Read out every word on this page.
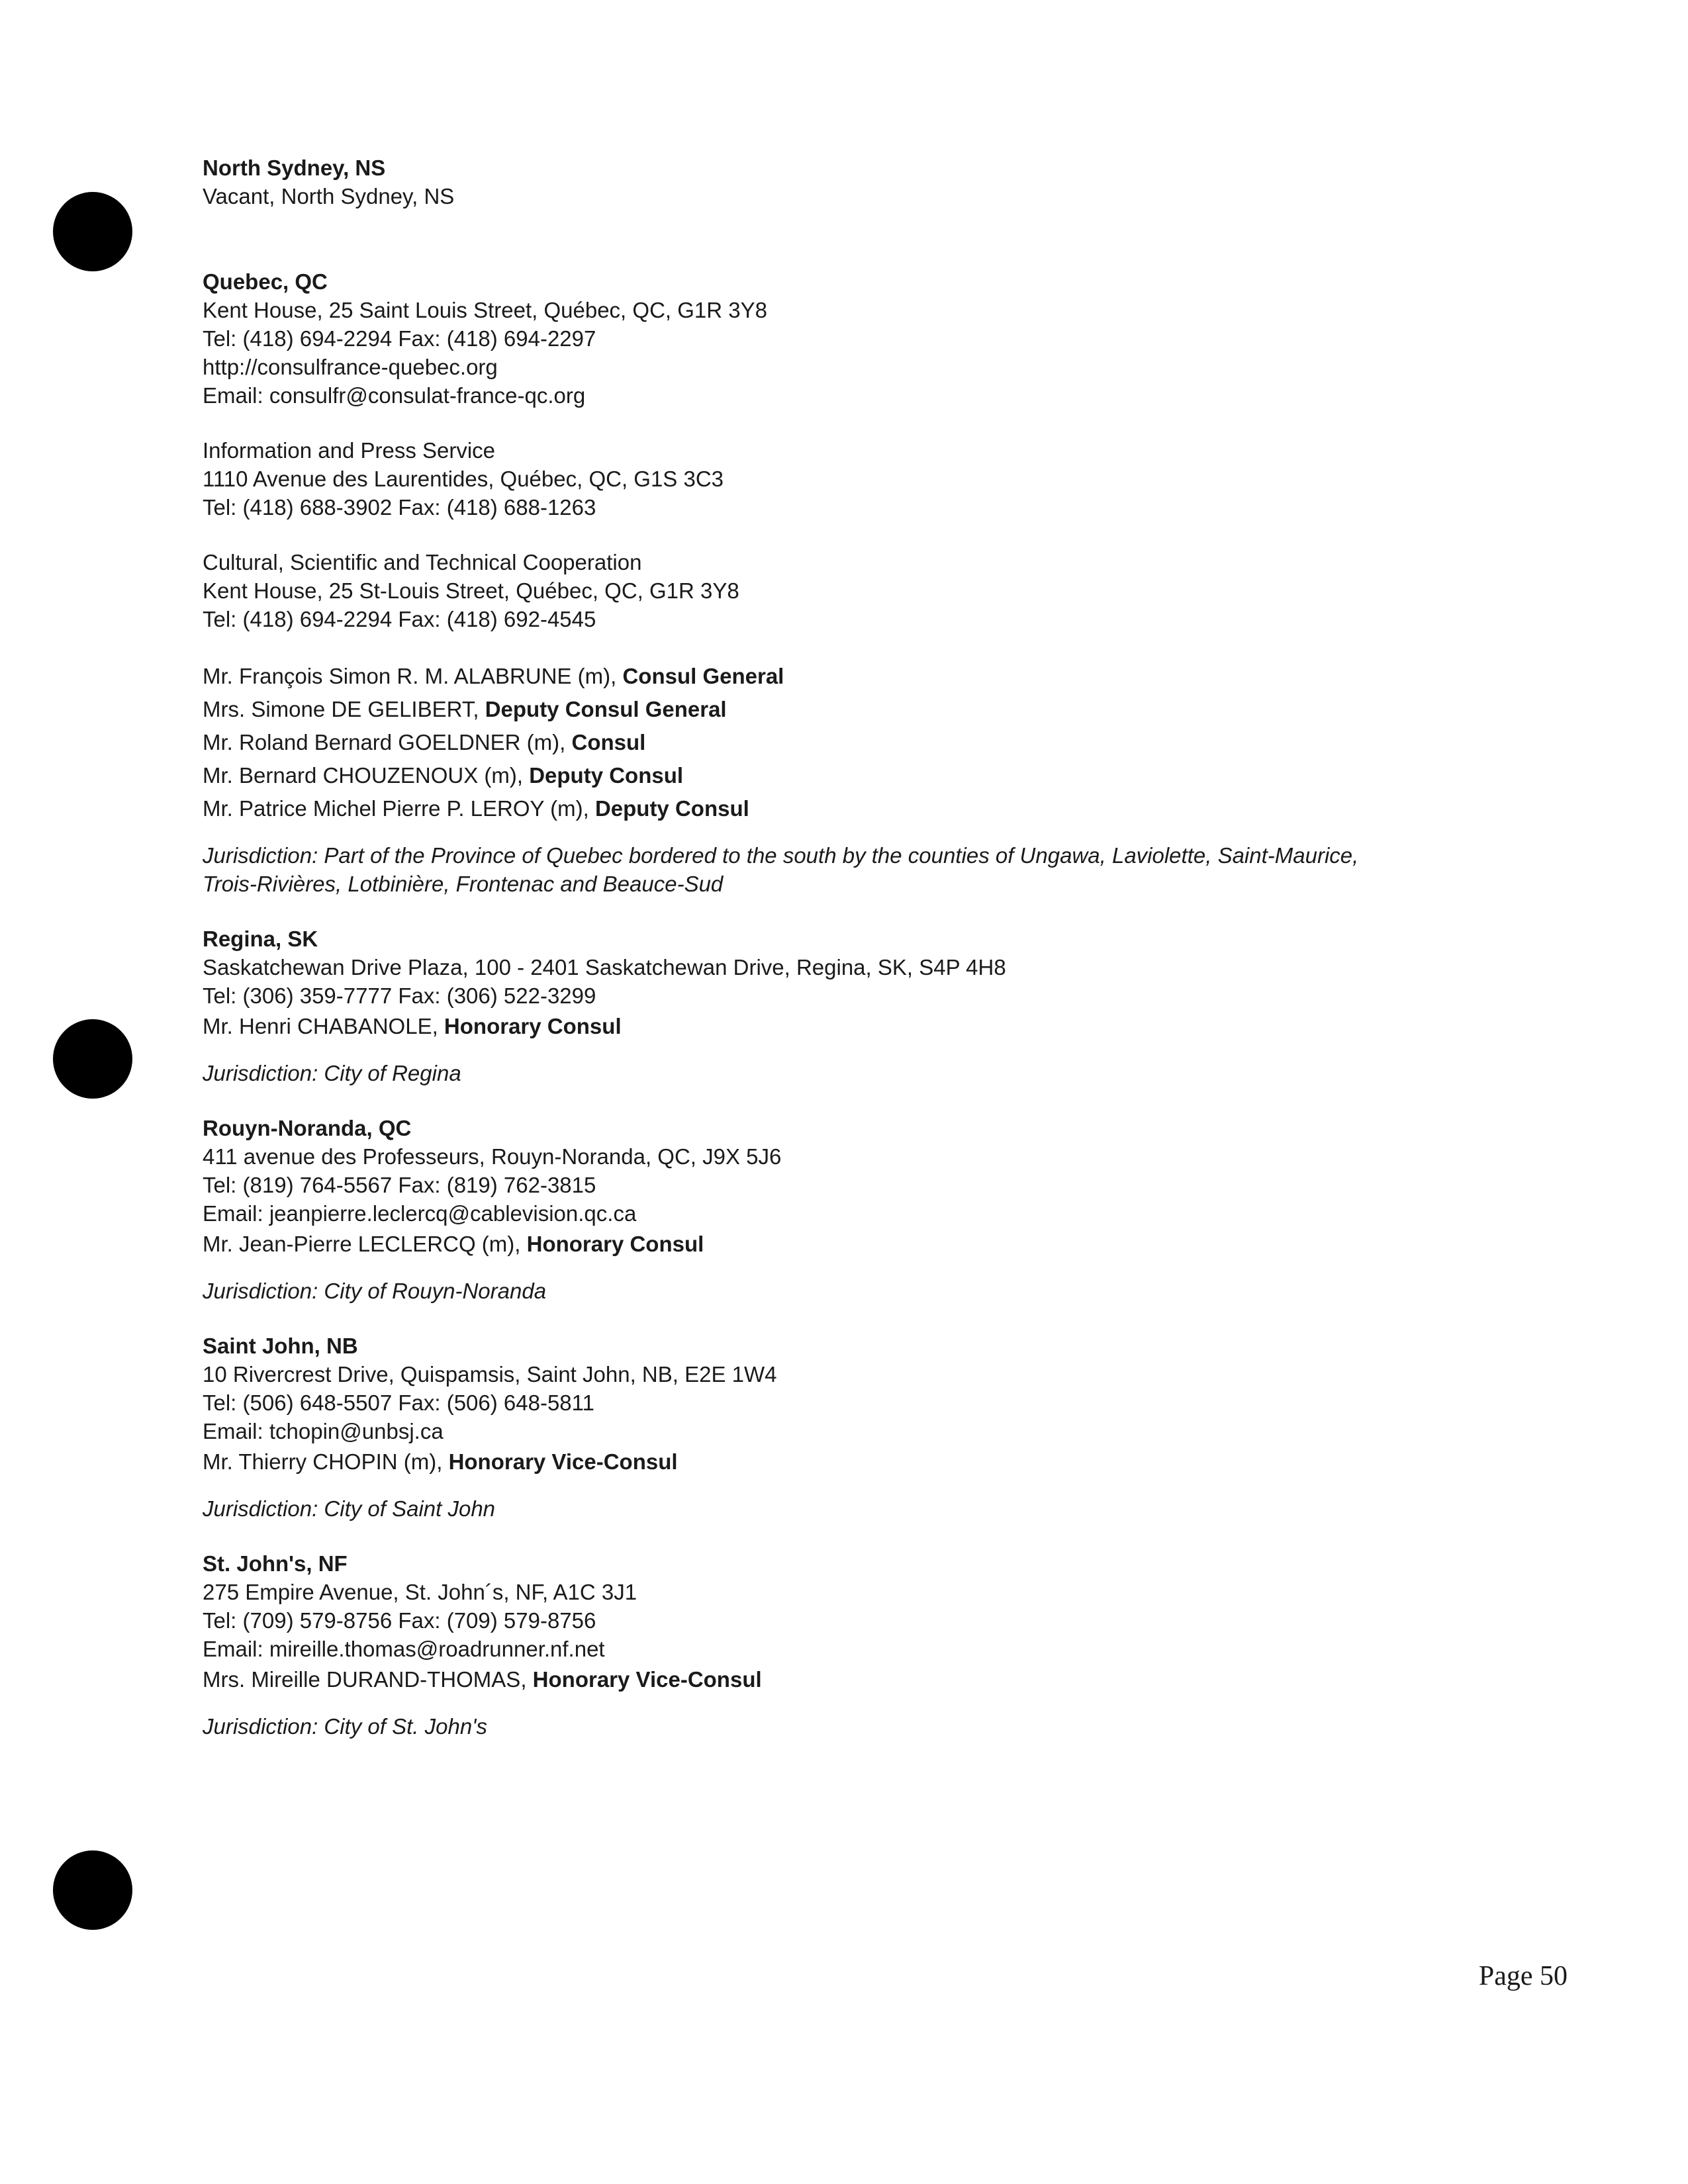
North Sydney, NS

Vacant, North Sydney, NS

Quebec, QC

Kent House, 25 Saint Louis Street, Québec, QC, G1R 3Y8

Tel: (418) 694-2294 Fax: (418) 694-2297

http://consulfrance-quebec.org

Email: consulfr@consulat-france-qc.org

Information and Press Service

1110 Avenue des Laurentides, Québec, QC, G1S 3C3

Tel: (418) 688-3902 Fax: (418) 688-1263

Cultural, Scientific and Technical Cooperation

Kent House, 25 St-Louis Street, Québec, QC, G1R 3Y8

Tel: (418) 694-2294 Fax: (418) 692-4545

Mr. François Simon R. M. ALABRUNE (m), Consul General

Mrs. Simone DE GELIBERT, Deputy Consul General

Mr. Roland Bernard GOELDNER (m), Consul

Mr. Bernard CHOUZENOUX (m), Deputy Consul

Mr. Patrice Michel Pierre P. LEROY (m), Deputy Consul

Jurisdiction: Part of the Province of Quebec bordered to the south by the counties of Ungawa, Laviolette, Saint-Maurice,

Trois-Rivières, Lotbinière, Frontenac and Beauce-Sud

Regina, SK

Saskatchewan Drive Plaza, 100 - 2401 Saskatchewan Drive, Regina, SK, S4P 4H8

Tel: (306) 359-7777 Fax: (306) 522-3299

Mr. Henri CHABANOLE, Honorary Consul

Jurisdiction: City of Regina

Rouyn-Noranda, QC

411 avenue des Professeurs, Rouyn-Noranda, QC, J9X 5J6

Tel: (819) 764-5567 Fax: (819) 762-3815

Email: jeanpierre.leclercq@cablevision.qc.ca

Mr. Jean-Pierre LECLERCQ (m), Honorary Consul

Jurisdiction: City of Rouyn-Noranda

Saint John, NB

10 Rivercrest Drive, Quispamsis, Saint John, NB, E2E 1W4

Tel: (506) 648-5507 Fax: (506) 648-5811

Email: tchopin@unbsj.ca

Mr. Thierry CHOPIN (m), Honorary Vice-Consul

Jurisdiction: City of Saint John

St. John's, NF

275 Empire Avenue, St. John´s, NF, A1C 3J1

Tel: (709) 579-8756 Fax: (709) 579-8756

Email: mireille.thomas@roadrunner.nf.net

Mrs. Mireille DURAND-THOMAS, Honorary Vice-Consul

Jurisdiction: City of St. John's

Page 50
